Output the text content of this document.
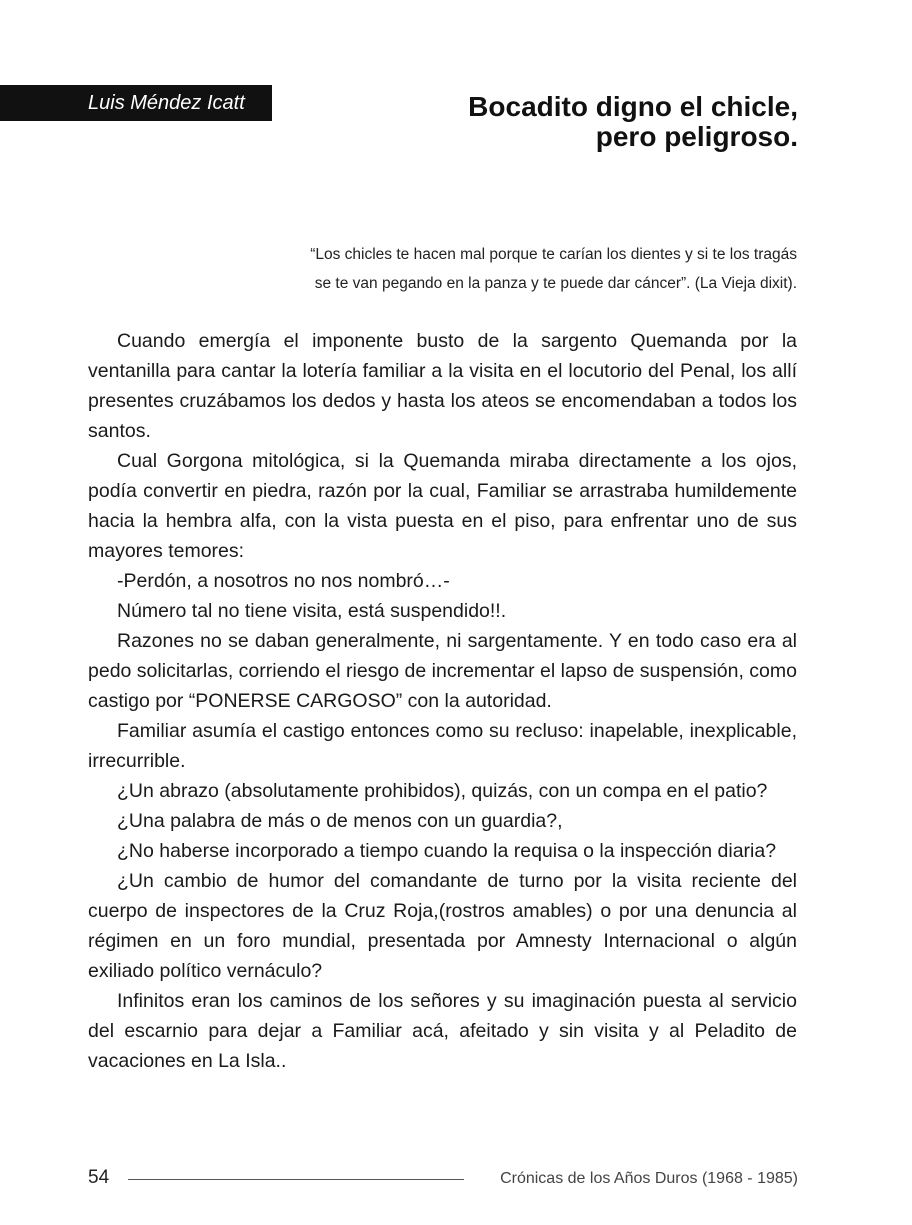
Luis Méndez Icatt	Bocadito digno el chicle,
pero peligroso.
“Los chicles te hacen mal porque te carían los dientes y si te los tragás
se te van pegando en la panza y te puede dar cáncer”. (La Vieja dixit).

Cuando emergía el imponente busto de la sargento Quemanda por la ventanilla para cantar la lotería familiar a la visita en el locutorio del Penal, los allí presentes cruzábamos los dedos y hasta los ateos se encomendaban a todos los santos.

Cual Gorgona mitológica, si la Quemanda miraba directamente a los ojos, podía convertir en piedra, razón por la cual, Familiar se arrastraba humildemente hacia la hembra alfa, con la vista puesta en el piso, para enfrentar uno de sus mayores temores:

-Perdón, a nosotros no nos nombró…-

Número tal no tiene visita, está suspendido!!.

Razones no se daban generalmente, ni sargentamente. Y en todo caso era al pedo solicitarlas, corriendo el riesgo de incrementar el lapso de suspensión, como castigo por “PONERSE CARGOSO” con la autoridad.

Familiar asumía el castigo entonces como su recluso: inapelable, inexplicable, irrecurrible.

¿Un abrazo (absolutamente prohibidos), quizás, con un compa en el patio?

¿Una palabra de más o de menos con un guardia?,

¿No haberse incorporado a tiempo cuando la requisa o la inspección diaria?

¿Un cambio de humor del comandante de turno por la visita reciente del cuerpo de inspectores de la Cruz Roja,(rostros amables) o por una denuncia al régimen en un foro mundial, presentada por Amnesty Internacional o algún exiliado político vernáculo?

Infinitos eran los caminos de los señores y su imaginación puesta al servicio del escarnio para dejar a Familiar acá, afeitado y sin visita y al Peladito de vacaciones en La Isla..

54	Crónicas de los Años Duros (1968 - 1985)
